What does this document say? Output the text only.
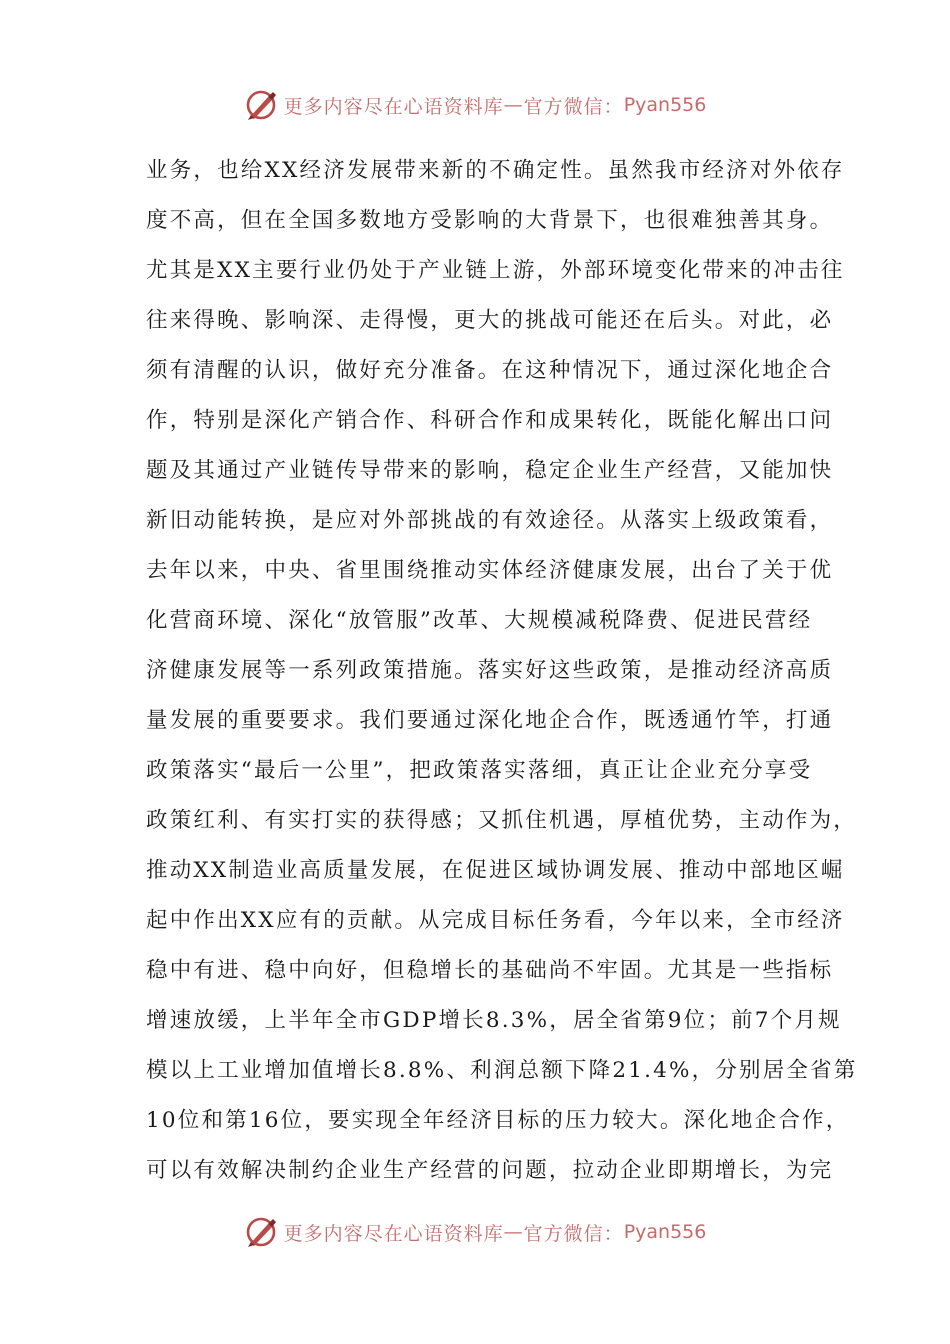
更多内容尽在心语资料库 — 官方微信： Pyan556
业务，也给XX经济发展带来新的不确定性。虽然我市经济对外依存
度不高，但在全国多数地方受影响的大背景下，也很难独善其身。
尤其是XX主要行业仍处于产业链上游，外部环境变化带来的冲击往
往来得晚、影响深、走得慢，更大的挑战可能还在后头。对此，必
须有清醒的认识，做好充分准备。在这种情况下，通过深化地企合
作，特别是深化产销合作、科研合作和成果转化，既能化解出口问
题及其通过产业链传导带来的影响，稳定企业生产经营，又能加快
新旧动能转换，是应对外部挑战的有效途径。从落实上级政策看，
去年以来，中央、省里围绕推动实体经济健康发展，出台了关于优
化营商环境、深化“放管服”改革、大规模减税降费、促进民营经
济健康发展等一系列政策措施。落实好这些政策，是推动经济高质
量发展的重要要求。我们要通过深化地企合作，既透通竹竿，打通
政策落实“最后一公里”，把政策落实落细，真正让企业充分享受
政策红利、有实打实的获得感；又抓住机遇，厚植优势，主动作为，
推动XX制造业高质量发展，在促进区域协调发展、推动中部地区崛
起中作出XX应有的贡献。从完成目标任务看，今年以来，全市经济
稳中有进、稳中向好，但稳增长的基础尚不牢固。尤其是一些指标
增速放缓，上半年全市GDP增长8.3%，居全省第9位；前7个月规
模以上工业增加值增长8.8%、利润总额下降21.4%，分别居全省第
10位和第16位，要实现全年经济目标的压力较大。深化地企合作，
可以有效解决制约企业生产经营的问题，拉动企业即期增长，为完
更多内容尽在心语资料库 — 官方微信： Pyan556
